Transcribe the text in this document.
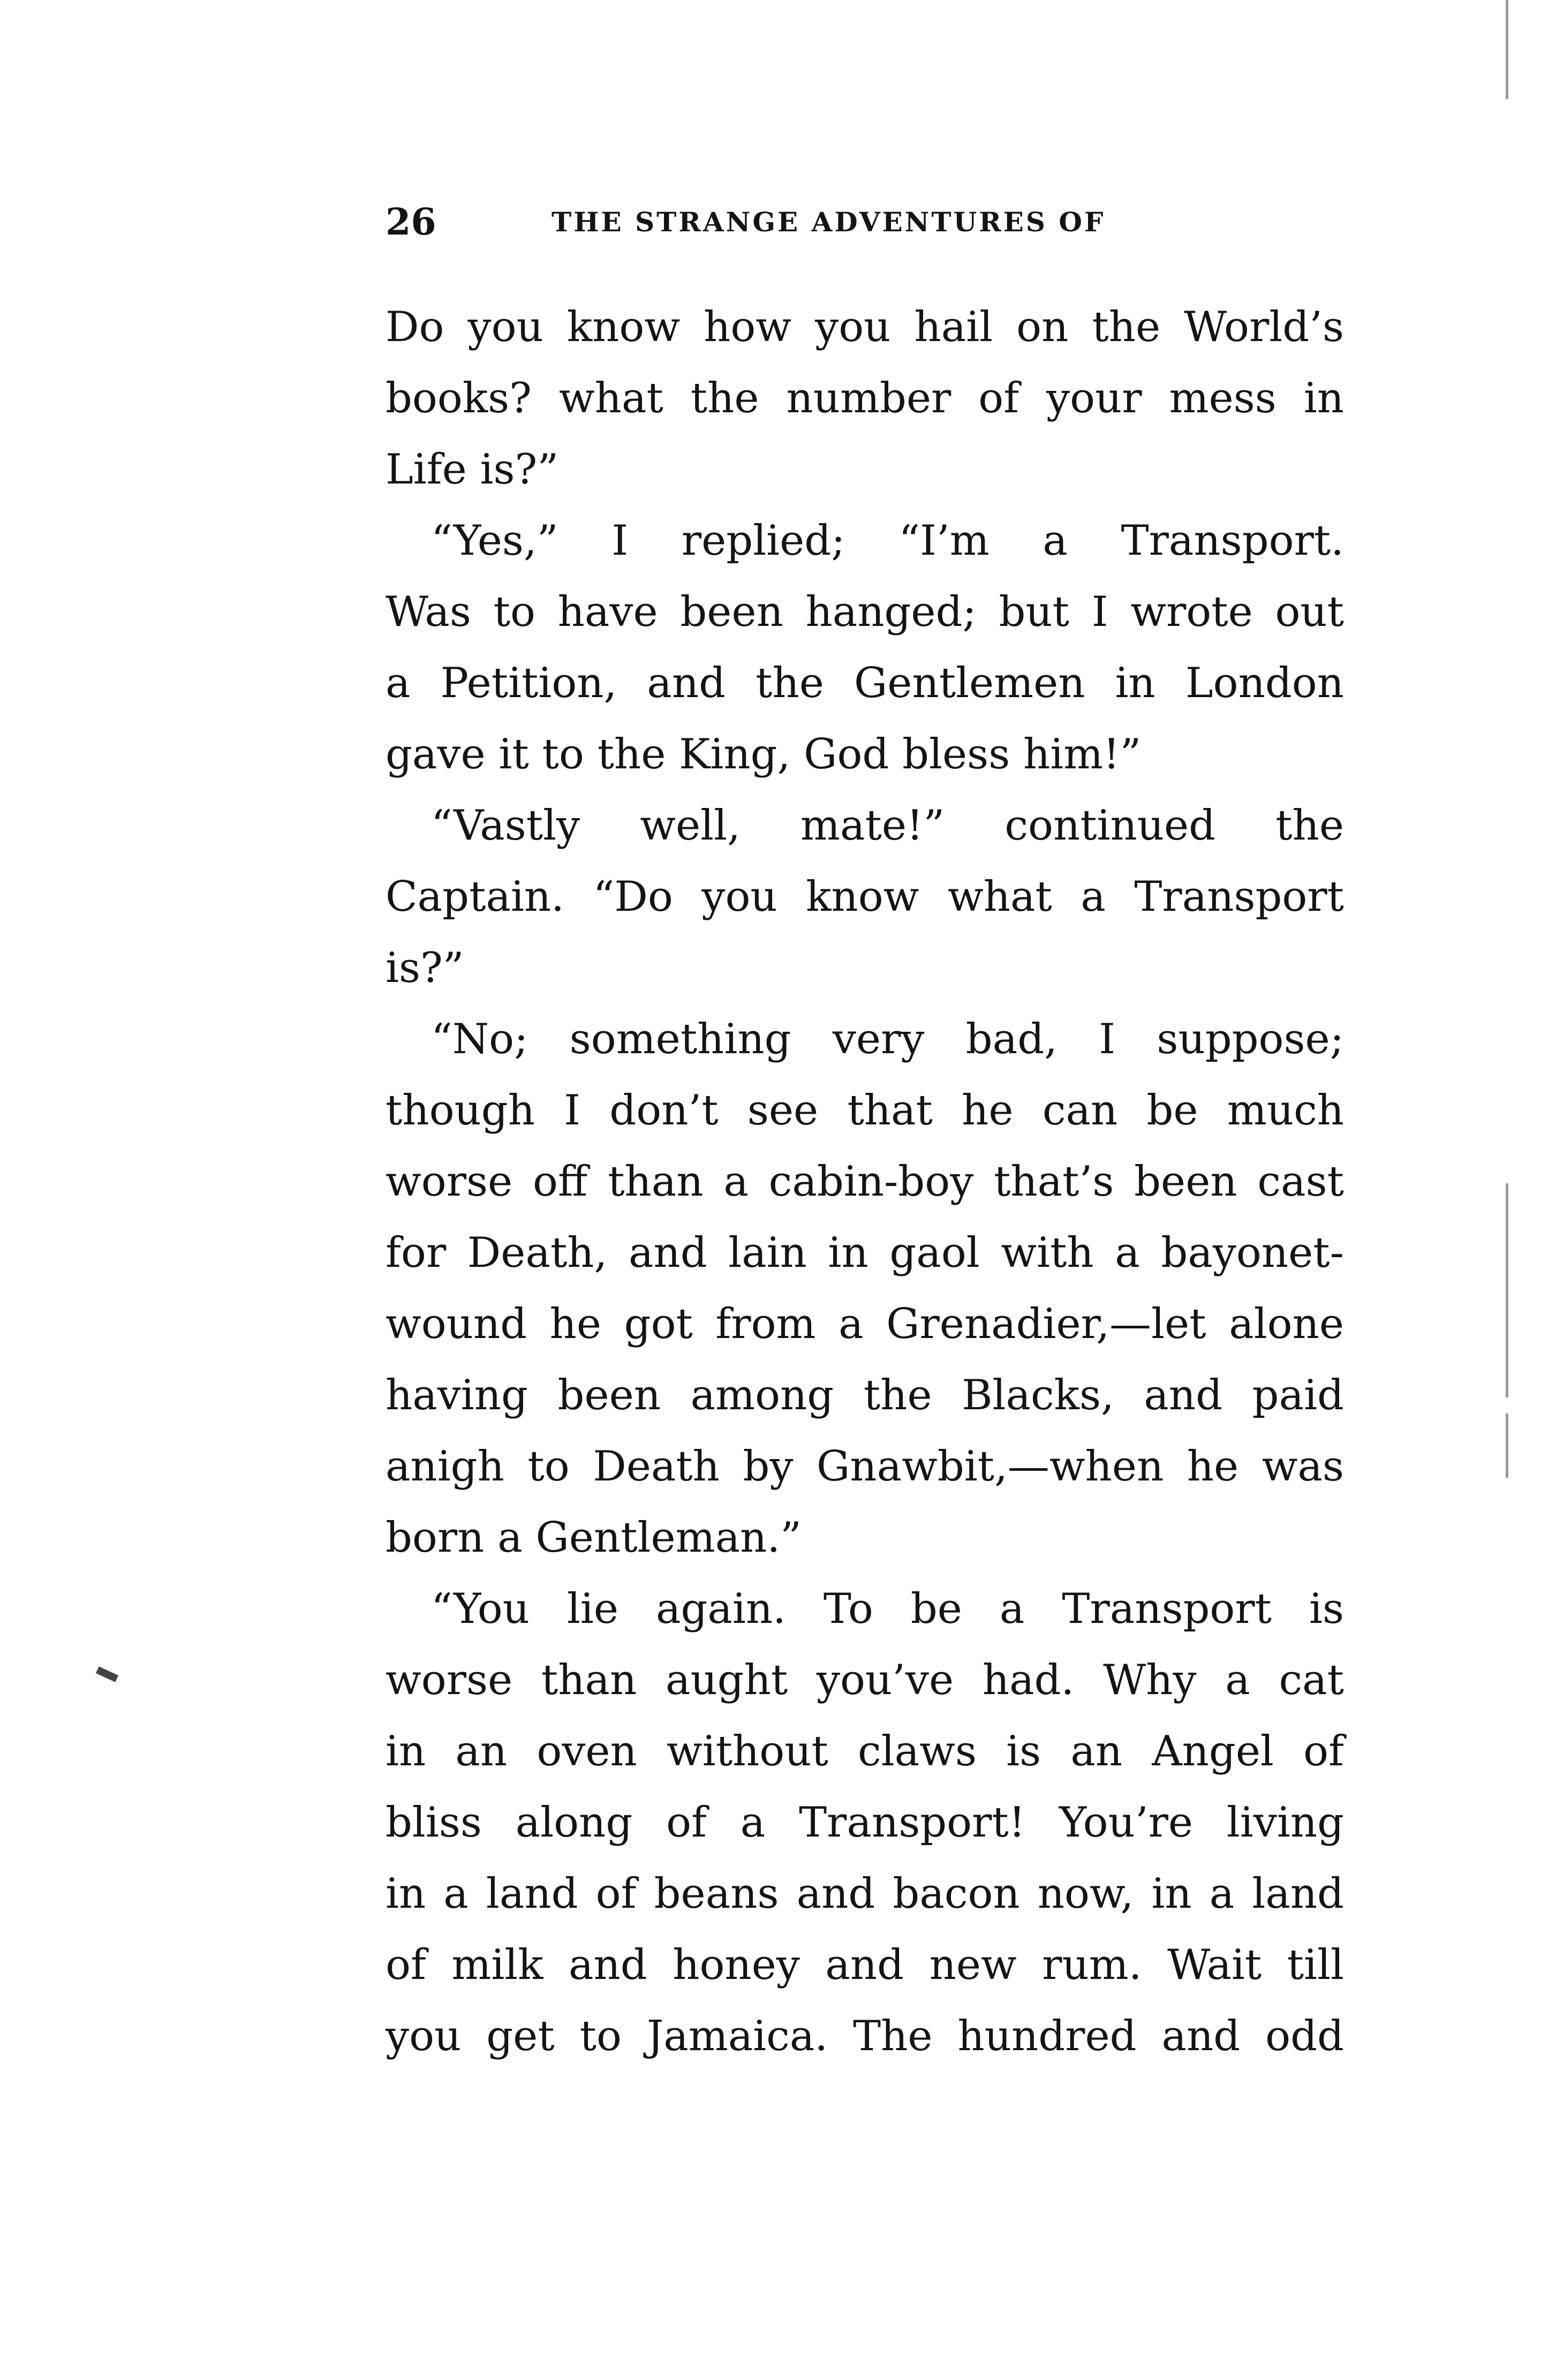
26	THE STRANGE ADVENTURES OF
Do you know how you hail on the World’s
books? what the number of your mess in
Life is?”
“Yes,” I replied; “I’m a Transport.
Was to have been hanged; but I wrote out
a Petition, and the Gentlemen in London
gave it to the King, God bless him!”
“Vastly well, mate!” continued the
Captain. “Do you know what a Transport
is?”
“No; something very bad, I suppose;
though I don’t see that he can be much
worse off than a cabin-boy that’s been cast
for Death, and lain in gaol with a bayonet-
wound he got from a Grenadier,—let alone
having been among the Blacks, and paid
anigh to Death by Gnawbit,—when he was
born a Gentleman.”
“You lie again. To be a Transport is
worse than aught you’ve had. Why a cat
in an oven without claws is an Angel of
bliss along of a Transport! You’re living
in a land of beans and bacon now, in a land
of milk and honey and new rum. Wait till
you get to Jamaica. The hundred and odd
